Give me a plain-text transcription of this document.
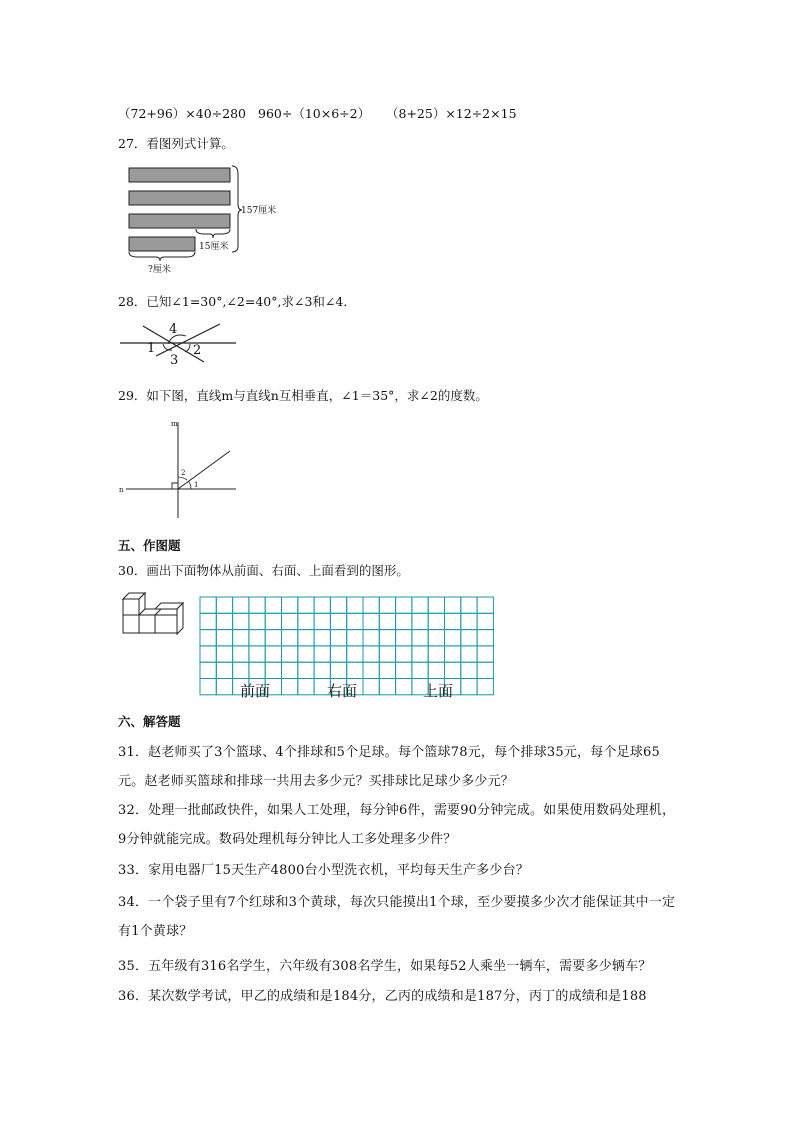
（72+96）×40÷280 960÷（10×6÷2） （8+25）×12÷2×15
27．看图列式计算。
157厘米
15厘米
?厘米
28．已知∠1=30°,∠2=40°,求∠3和∠4．
4
1
3
2
29．如下图，直线m与直线n互相垂直，∠1＝35°，求∠2的度数。
m
n
2
1
五、作图题
30．画出下面物体从前面、右面、上面看到的图形。
前面	右面	上面
六、解答题
31．赵老师买了3个篮球、4个排球和5个足球。每个篮球78元，每个排球35元，每个足球65元。赵老师买篮球和排球一共用去多少元？买排球比足球少多少元？
32．处理一批邮政快件，如果人工处理，每分钟6件，需要90分钟完成。如果使用数码处理机，9分钟就能完成。数码处理机每分钟比人工多处理多少件？
33．家用电器厂15天生产4800台小型洗衣机，平均每天生产多少台？
34．一个袋子里有7个红球和3个黄球，每次只能摸出1个球，至少要摸多少次才能保证其中一定有1个黄球？
35．五年级有316名学生，六年级有308名学生，如果每52人乘坐一辆车，需要多少辆车？
36．某次数学考试，甲乙的成绩和是184分，乙丙的成绩和是187分，丙丁的成绩和是188
